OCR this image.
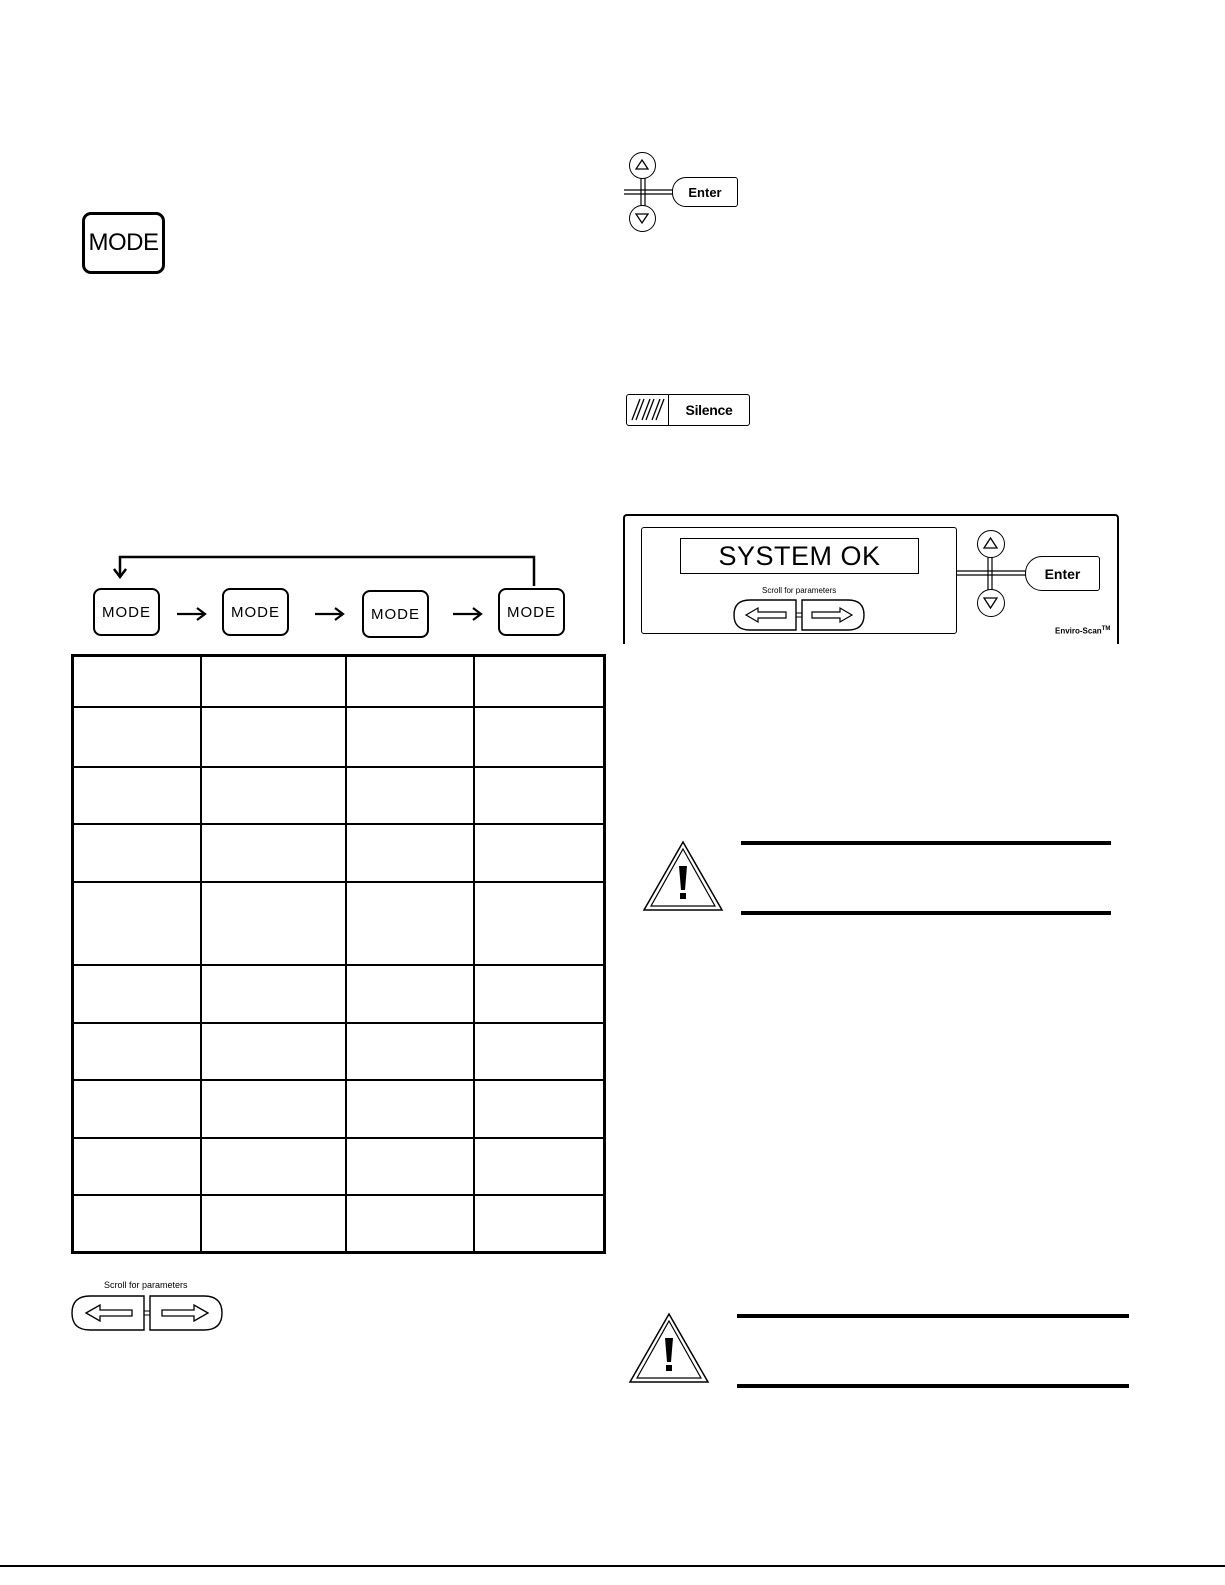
MODE
Enter
Silence
SYSTEM OK
Scroll for parameters
Enter
Enviro-Scan™
MODE	MODE	MODE	MODE

Scroll for parameters
